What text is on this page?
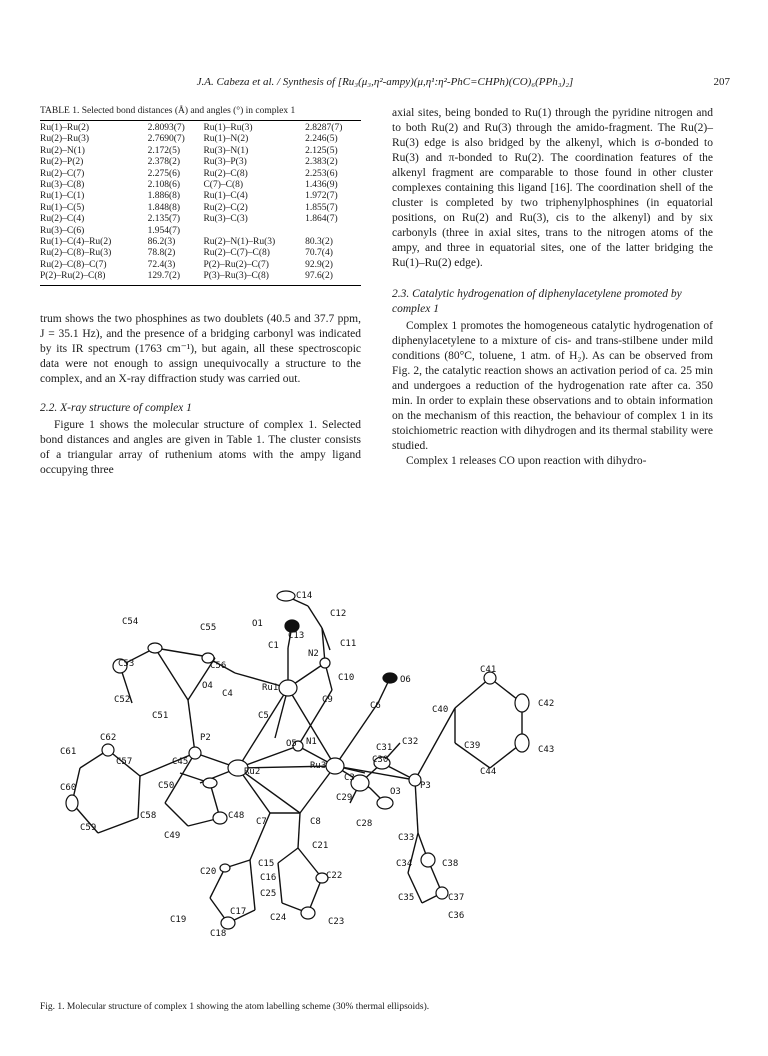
J.A. Cabeza et al. / Synthesis of [Ru₃(μ₃,η²-ampy)(μ,η¹:η²-PhC=CHPh)(CO)₆(PPh₃)₂]	207
TABLE 1. Selected bond distances (Å) and angles (°) in complex 1

Ru(1)–Ru(2)	2.8093(7)	Ru(1)–Ru(3)	2.8287(7)
Ru(2)–Ru(3)	2.7690(7)	Ru(1)–N(2)	2.246(5)
Ru(2)–N(1)	2.172(5)	Ru(3)–N(1)	2.125(5)
Ru(2)–P(2)	2.378(2)	Ru(3)–P(3)	2.383(2)
Ru(2)–C(7)	2.275(6)	Ru(2)–C(8)	2.253(6)
Ru(3)–C(8)	2.108(6)	C(7)–C(8)	1.436(9)
Ru(1)–C(1)	1.886(8)	Ru(1)–C(4)	1.972(7)
Ru(1)–C(5)	1.848(8)	Ru(2)–C(2)	1.855(7)
Ru(2)–C(4)	2.135(7)	Ru(3)–C(3)	1.864(7)
Ru(3)–C(6)	1.954(7)		
Ru(1)–C(4)–Ru(2)	86.2(3)	Ru(2)–N(1)–Ru(3)	80.3(2)
Ru(2)–C(8)–Ru(3)	78.8(2)	Ru(2)–C(7)–C(8)	70.7(4)
Ru(2)–C(8)–C(7)	72.4(3)	P(2)–Ru(2)–C(7)	92.9(2)
P(2)–Ru(2)–C(8)	129.7(2)	P(3)–Ru(3)–C(8)	97.6(2)

trum shows the two phosphines as two doublets (40.5 and 37.7 ppm, J = 35.1 Hz), and the presence of a bridging carbonyl was indicated by its IR spectrum (1763 cm⁻¹), but again, all these spectroscopic data were not enough to assign unequivocally a structure to the complex, and an X-ray diffraction study was carried out.

2.2. X-ray structure of complex 1

Figure 1 shows the molecular structure of complex 1. Selected bond distances and angles are given in Table 1. The cluster consists of a triangular array of ruthenium atoms with the ampy ligand occupying three

axial sites, being bonded to Ru(1) through the pyridine nitrogen and to both Ru(2) and Ru(3) through the amido-fragment. The Ru(2)–Ru(3) edge is also bridged by the alkenyl, which is σ-bonded to Ru(3) and π-bonded to Ru(2). The coordination features of the alkenyl fragment are comparable to those found in other cluster complexes containing this ligand [16]. The coordination shell of the cluster is completed by two triphenylphosphines (in equatorial positions, on Ru(2) and Ru(3), cis to the alkenyl) and by six carbonyls (three in axial sites, trans to the nitrogen atoms of the ampy, and three in equatorial sites, one of the latter bridging the Ru(1)–Ru(2) edge).

2.3. Catalytic hydrogenation of diphenylacetylene promoted by complex 1

Complex 1 promotes the homogeneous catalytic hydrogenation of diphenylacetylene to a mixture of cis- and trans-stilbene under mild conditions (80°C, toluene, 1 atm. of H₂). As can be observed from Fig. 2, the catalytic reaction shows an activation period of ca. 25 min and undergoes a reduction of the hydrogenation rate after ca. 350 min. In order to explain these observations and to obtain information on the mechanism of this reaction, the behaviour of complex 1 in its stoichiometric reaction with dihydrogen and its thermal stability were studied.

Complex 1 releases CO upon reaction with dihydro-

C14
C12
C13
C11
C54
C55	O1
C1
N2
C53	C56
C10	O6
C41
O4
C4
Ru1
C9
C52
C51	C5
C6	C40
C42
C62	P2
O5 N1
C31
C32	C39	C43
C61
C57	C45
Ru2
Ru3
C30
C3
C44
C50	P3
C60
C48
C29
O3
C58
C7	C8	C28
C59
C49
C21
C33
C15	C34	C38
C16	C22
C20
C25
C17
C35	C37
C19	C24	C23
C36
C18
Fig. 1. Molecular structure of complex 1 showing the atom labelling scheme (30% thermal ellipsoids).
